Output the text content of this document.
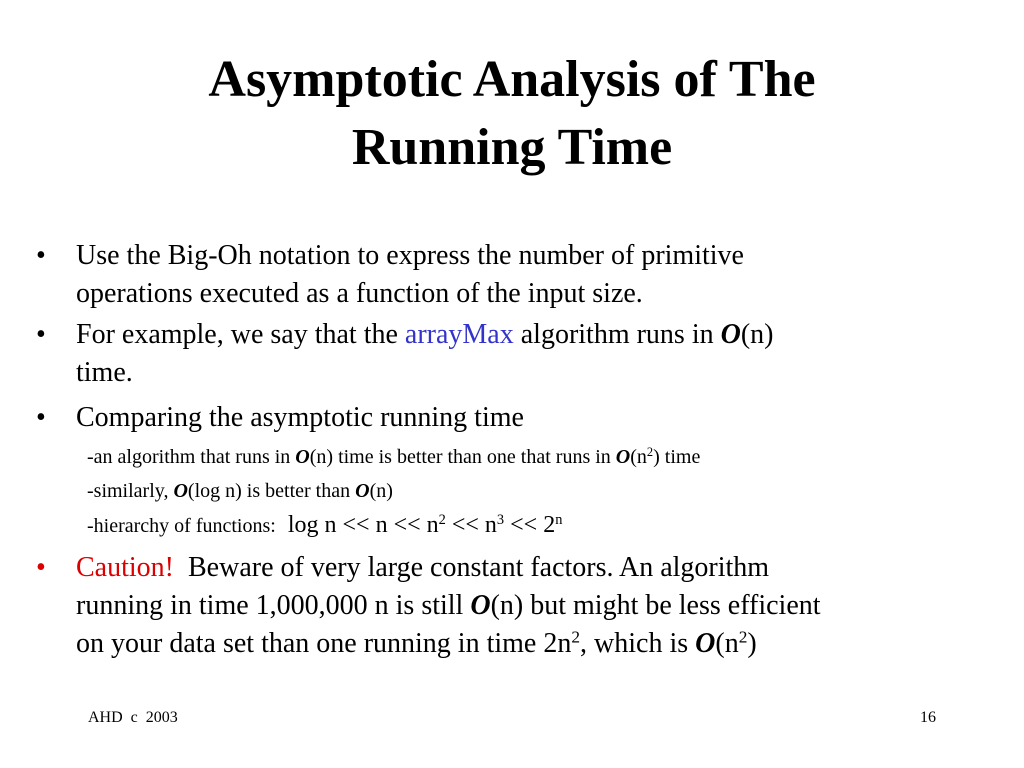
Asymptotic Analysis of The
Running Time
• Use the Big-Oh notation to express the number of primitive
operations executed as a function of the input size.
• For example, we say that the arrayMax algorithm runs in O(n)
time.
• Comparing the asymptotic running time
-an algorithm that runs in O(n) time is better than one that runs in $O(n^2)$ time
-similarly, O(log n) is better than O(n)
-hierarchy of functions: $\log n << n << n^2 << n^3 << 2^n$
• Caution!  Beware of very large constant factors. An algorithm
running in time 1,000,000 n is still O(n) but might be less efficient
on your data set than one running in time $2n^2$, which is $O(n^2)$
AHD  c  2003	16
